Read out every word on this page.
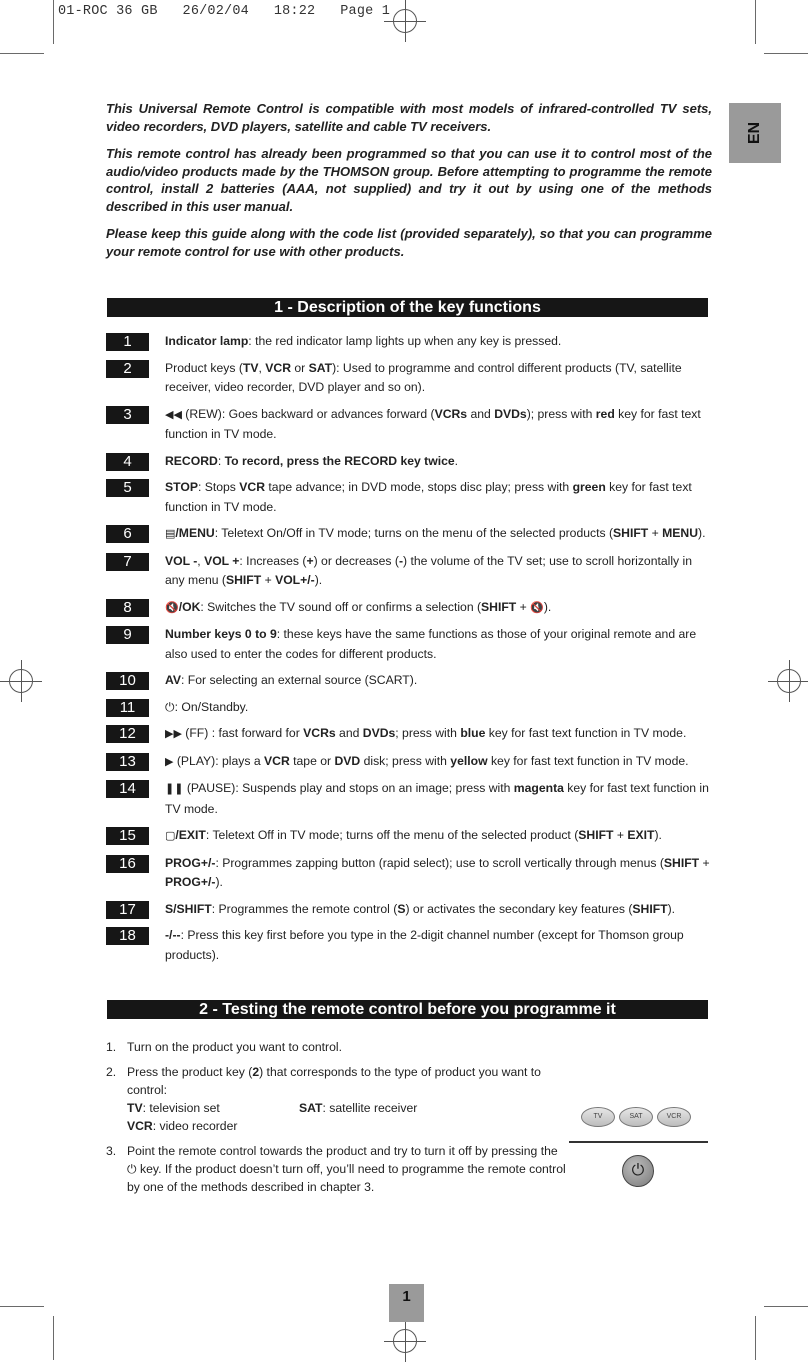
01-ROC 36 GB   26/02/04   18:22   Page 1
EN

This Universal Remote Control is compatible with most models of infrared-controlled TV sets, video recorders, DVD players, satellite and cable TV receivers.

This remote control has already been programmed so that you can use it to control most of the audio/video products made by the THOMSON group. Before attempting to programme the remote control, install 2 batteries (AAA, not supplied) and try it out by using one of the methods described in this user manual.

Please keep this guide along with the code list (provided separately), so that you can programme your remote control for use with other products.

1 - Description of the key functions
1	Indicator lamp: the red indicator lamp lights up when any key is pressed.
2	Product keys (TV, VCR or SAT): Used to programme and control different products (TV, satellite receiver, video recorder, DVD player and so on).
3	◀◀ (REW): Goes backward or advances forward (VCRs and DVDs); press with red key for fast text function in TV mode.
4	RECORD: To record, press the RECORD key twice.
5	STOP: Stops VCR tape advance; in DVD mode, stops disc play; press with green key for fast text function in TV mode.
6	▤/MENU: Teletext On/Off in TV mode; turns on the menu of the selected products (SHIFT + MENU).
7	VOL -, VOL +: Increases (+) or decreases (-) the volume of the TV set; use to scroll horizontally in any menu (SHIFT + VOL+/-).
8	🔇/OK: Switches the TV sound off or confirms a selection (SHIFT + 🔇).
9	Number keys 0 to 9: these keys have the same functions as those of your original remote and are also used to enter the codes for different products.
10	AV: For selecting an external source (SCART).
11	⏻: On/Standby.
12	▶▶ (FF) : fast forward for VCRs and DVDs; press with blue key for fast text function in TV mode.
13	▶ (PLAY): plays a VCR tape or DVD disk; press with yellow key for fast text function in TV mode.
14	❚❚ (PAUSE): Suspends play and stops on an image; press with magenta key for fast text function in TV mode.
15	▢/EXIT: Teletext Off in TV mode; turns off the menu of the selected product (SHIFT + EXIT).
16	PROG+/-: Programmes zapping button (rapid select); use to scroll vertically through menus (SHIFT + PROG+/-).
17	S/SHIFT: Programmes the remote control (S) or activates the secondary key features (SHIFT).
18	-/--: Press this key first before you type in the 2-digit channel number (except for Thomson group products).
2 - Testing the remote control before you programme it
1. Turn on the product you want to control.
2. Press the product key (2) that corresponds to the type of product you want to control:
TV: television set	SAT: satellite receiver
VCR: video recorder
3. Point the remote control towards the product and try to turn it off by pressing the ⏻ key. If the product doesn’t turn off, you’ll need to programme the remote control by one of the methods described in chapter 3.
TV	SAT	VCR
⏻
1
